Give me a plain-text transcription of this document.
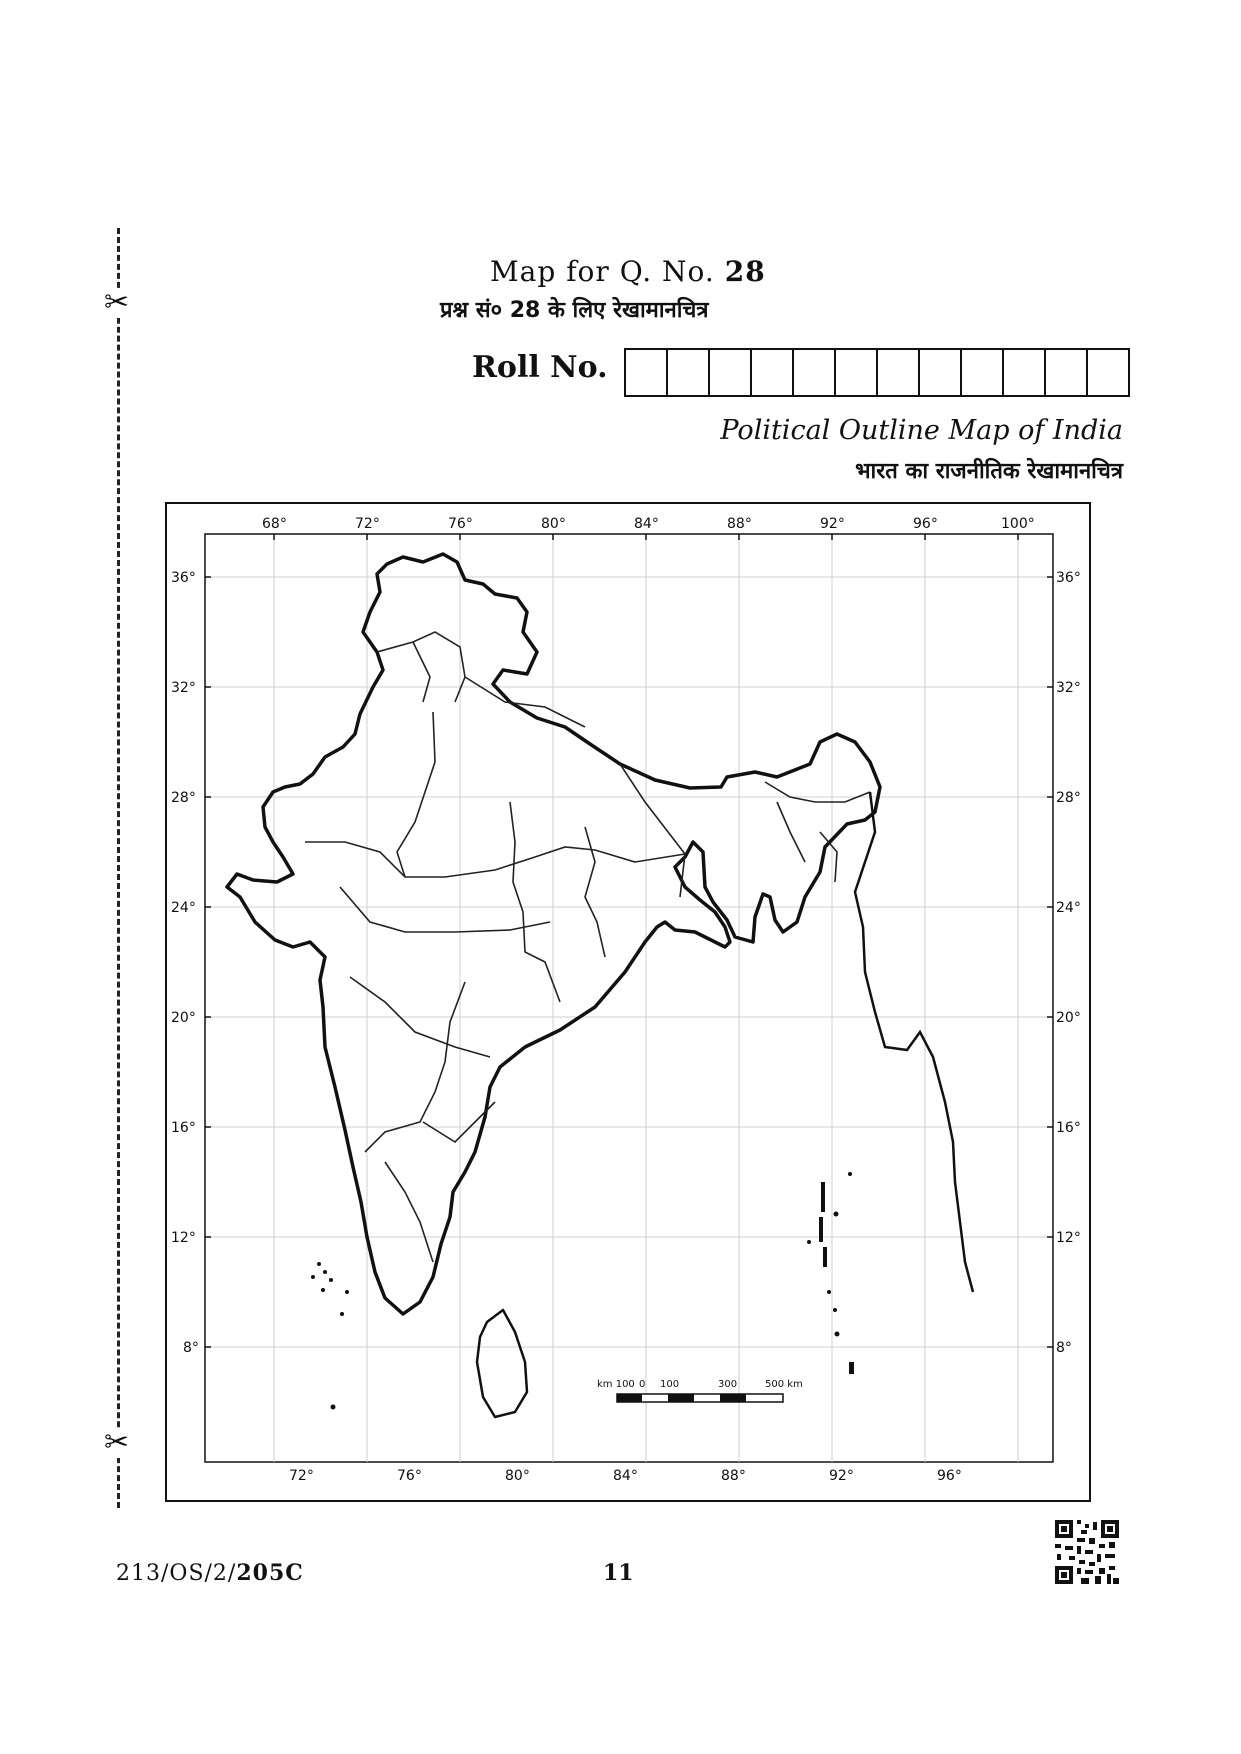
✂
✂
Map for Q. No. 28
प्रश्न सं० 28 के लिए रेखामानचित्र
Roll No.
Political Outline Map of India
भारत का राजनीतिक रेखामानचित्र
68°	72°	76°	80°	84°	88°	92°	96°	100°
72°	76°	80°	84°	88°	92°	96°
36°
32°
28°
24°
20°
16°
12°
8°
36°
32°
28°
24°
20°
16°
12°
8°
km 100 0 100	300	500 km
213/OS/2/205C	11
